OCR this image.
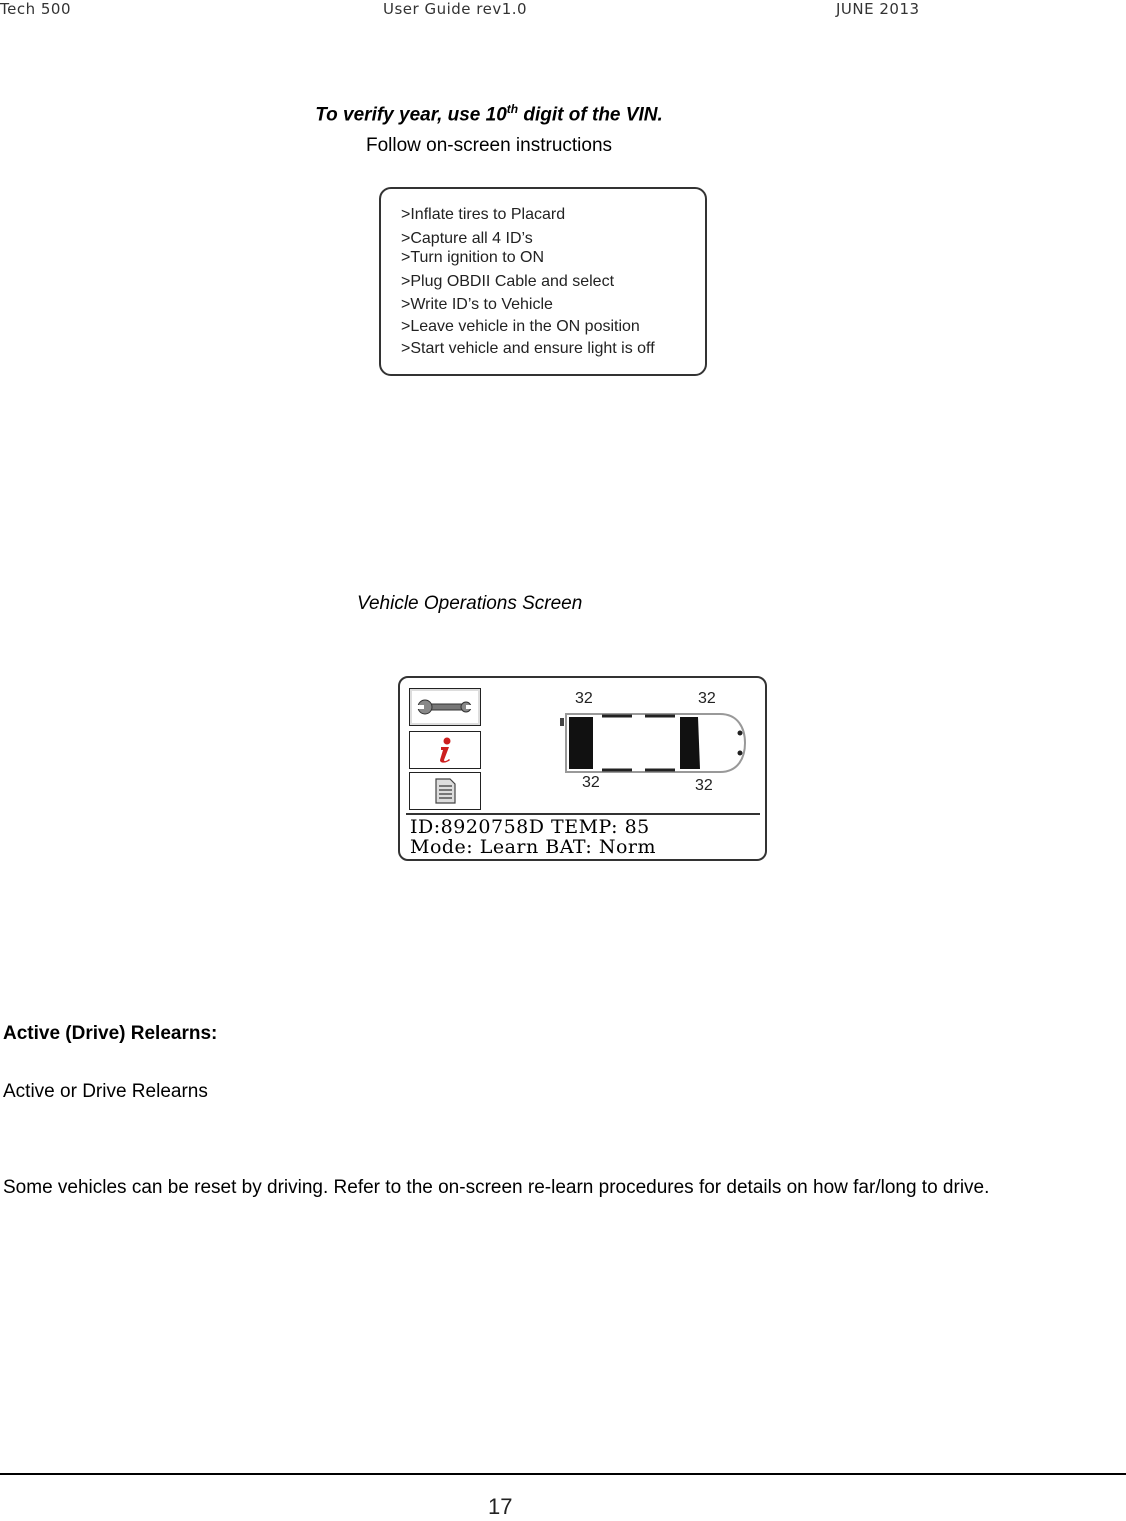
Tech 500	User Guide rev1.0	JUNE 2013
To verify year, use 10th digit of the VIN.
Follow on-screen instructions
>Inflate tires to Placard
>Capture all 4 ID’s
>Turn ignition to ON
>Plug OBDII Cable and select
>Write ID’s to Vehicle
>Leave vehicle in the ON position
>Start vehicle and ensure light is off
Vehicle Operations Screen
32	32
32	32
ID:8920758D TEMP: 85
Mode: Learn BAT: Norm
Active (Drive) Relearns:
Active or Drive Relearns
Some vehicles can be reset by driving. Refer to the on-screen re-learn procedures for details on how far/long to drive.
17
